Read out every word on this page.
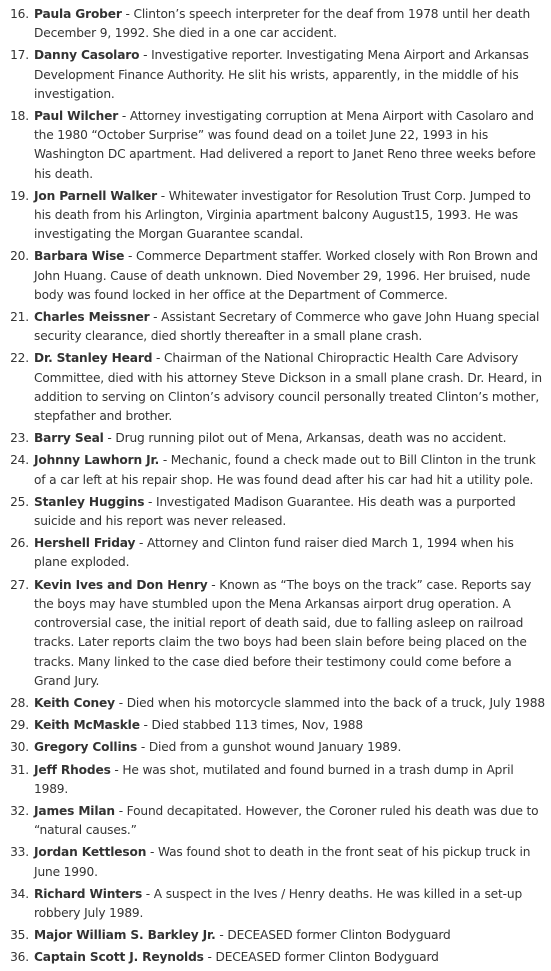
16. Paula Grober - Clinton’s speech interpreter for the deaf from 1978 until her death December 9, 1992. She died in a one car accident.
17. Danny Casolaro - Investigative reporter. Investigating Mena Airport and Arkansas Development Finance Authority. He slit his wrists, apparently, in the middle of his investigation.
18. Paul Wilcher - Attorney investigating corruption at Mena Airport with Casolaro and the 1980 “October Surprise” was found dead on a toilet June 22, 1993 in his Washington DC apartment. Had delivered a report to Janet Reno three weeks before his death.
19. Jon Parnell Walker - Whitewater investigator for Resolution Trust Corp. Jumped to his death from his Arlington, Virginia apartment balcony August15, 1993. He was investigating the Morgan Guarantee scandal.
20. Barbara Wise - Commerce Department staffer. Worked closely with Ron Brown and John Huang. Cause of death unknown. Died November 29, 1996. Her bruised, nude body was found locked in her office at the Department of Commerce.
21. Charles Meissner - Assistant Secretary of Commerce who gave John Huang special security clearance, died shortly thereafter in a small plane crash.
22. Dr. Stanley Heard - Chairman of the National Chiropractic Health Care Advisory Committee, died with his attorney Steve Dickson in a small plane crash. Dr. Heard, in addition to serving on Clinton’s advisory council personally treated Clinton’s mother, stepfather and brother.
23. Barry Seal - Drug running pilot out of Mena, Arkansas, death was no accident.
24. Johnny Lawhorn Jr. - Mechanic, found a check made out to Bill Clinton in the trunk of a car left at his repair shop. He was found dead after his car had hit a utility pole.
25. Stanley Huggins - Investigated Madison Guarantee. His death was a purported suicide and his report was never released.
26. Hershell Friday - Attorney and Clinton fund raiser died March 1, 1994 when his plane exploded.
27. Kevin Ives and Don Henry - Known as “The boys on the track” case. Reports say the boys may have stumbled upon the Mena Arkansas airport drug operation. A controversial case, the initial report of death said, due to falling asleep on railroad tracks. Later reports claim the two boys had been slain before being placed on the tracks. Many linked to the case died before their testimony could come before a Grand Jury.
28. Keith Coney - Died when his motorcycle slammed into the back of a truck, July 1988
29. Keith McMaskle - Died stabbed 113 times, Nov, 1988
30. Gregory Collins - Died from a gunshot wound January 1989.
31. Jeff Rhodes - He was shot, mutilated and found burned in a trash dump in April 1989.
32. James Milan - Found decapitated. However, the Coroner ruled his death was due to “natural causes.”
33. Jordan Kettleson - Was found shot to death in the front seat of his pickup truck in June 1990.
34. Richard Winters - A suspect in the Ives / Henry deaths. He was killed in a set-up robbery July 1989.
35. Major William S. Barkley Jr. - DECEASED former Clinton Bodyguard
36. Captain Scott J. Reynolds - DECEASED former Clinton Bodyguard
